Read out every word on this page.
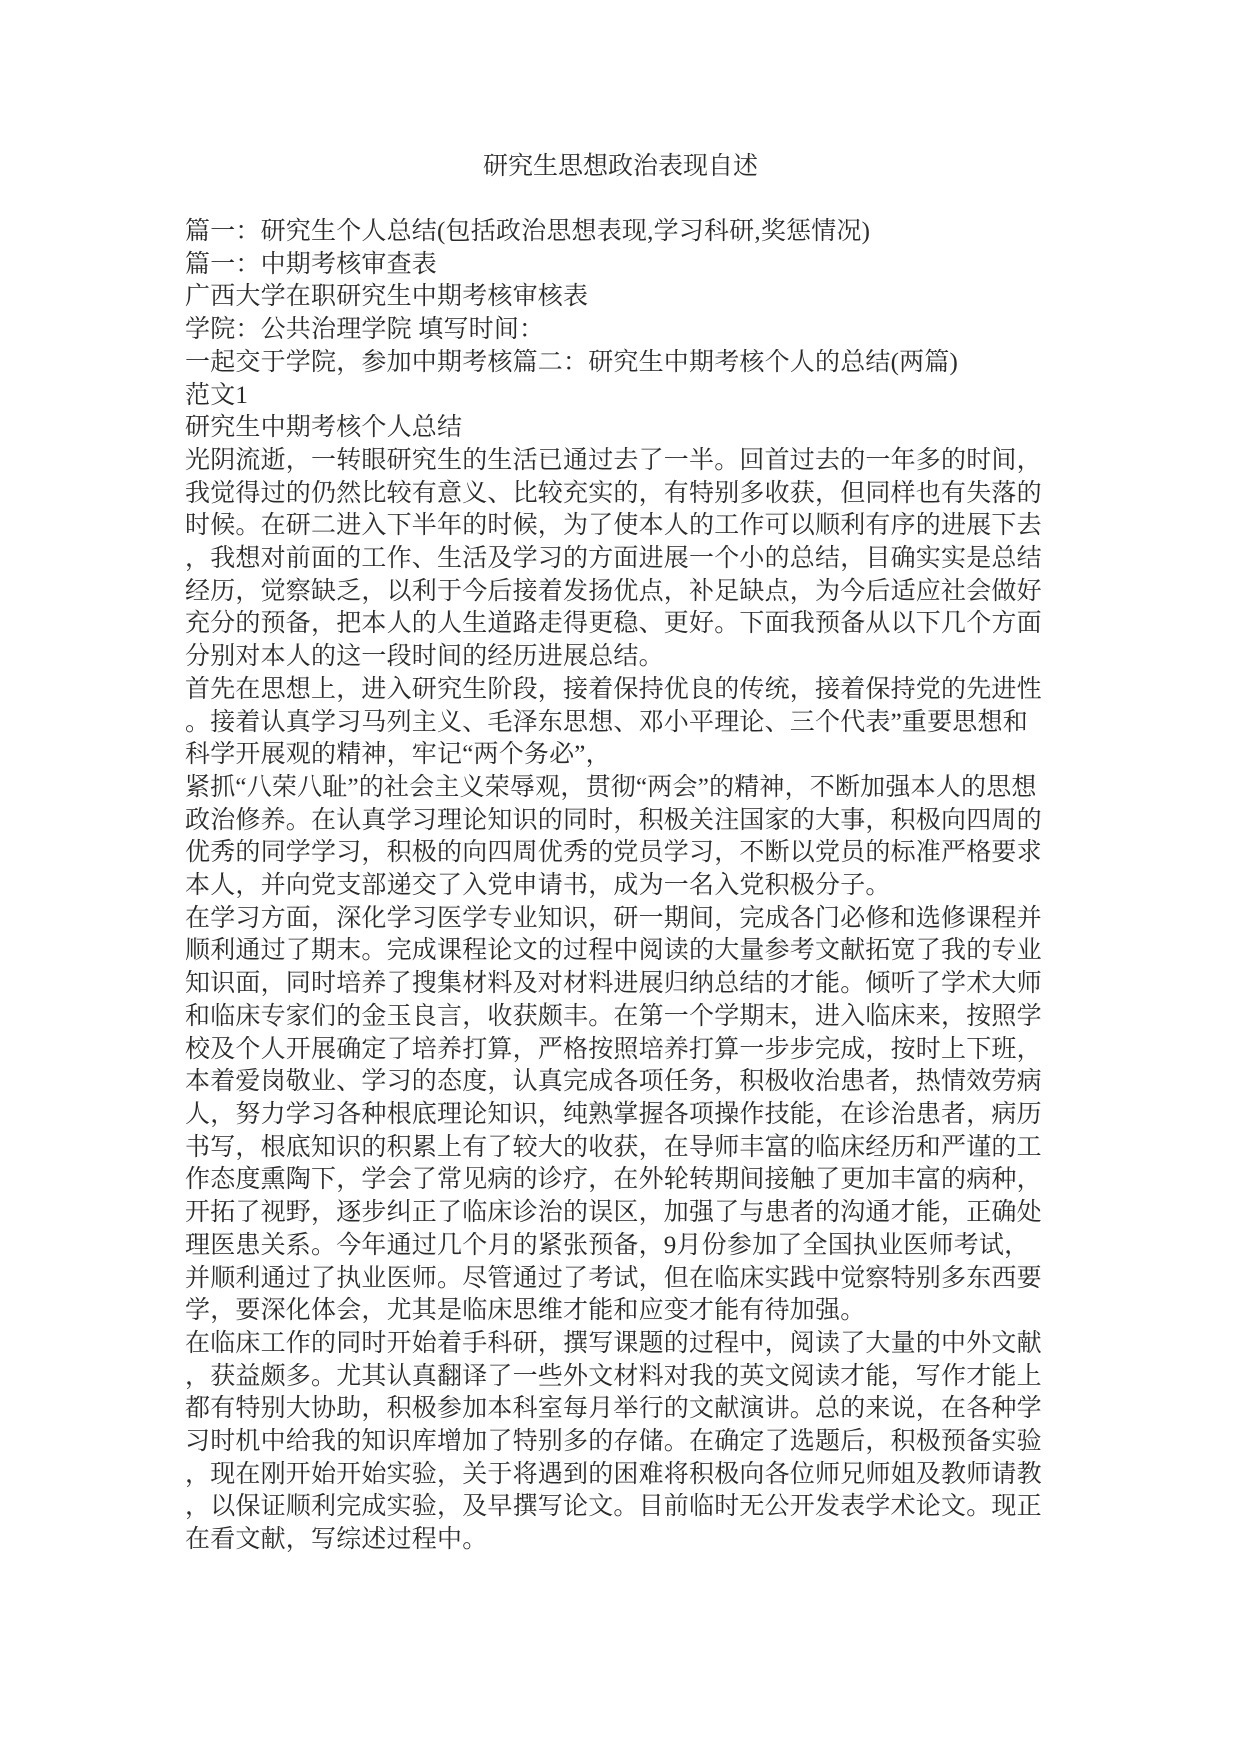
研究生思想政治表现自述
篇一：研究生个人总结(包括政治思想表现,学习科研,奖惩情况)
篇一：中期考核审查表
广西大学在职研究生中期考核审核表
学院：公共治理学院 填写时间：
一起交于学院，参加中期考核篇二：研究生中期考核个人的总结(两篇)
范文1
研究生中期考核个人总结
光阴流逝，一转眼研究生的生活已通过去了一半。回首过去的一年多的时间，
我觉得过的仍然比较有意义、比较充实的，有特别多收获，但同样也有失落的
时候。在研二进入下半年的时候，为了使本人的工作可以顺利有序的进展下去
，我想对前面的工作、生活及学习的方面进展一个小的总结，目确实实是总结
经历，觉察缺乏，以利于今后接着发扬优点，补足缺点，为今后适应社会做好
充分的预备，把本人的人生道路走得更稳、更好。下面我预备从以下几个方面
分别对本人的这一段时间的经历进展总结。
首先在思想上，进入研究生阶段，接着保持优良的传统，接着保持党的先进性
。接着认真学习马列主义、毛泽东思想、邓小平理论、三个代表”重要思想和
科学开展观的精神，牢记“两个务必”，
紧抓“八荣八耻”的社会主义荣辱观，贯彻“两会”的精神，不断加强本人的思想
政治修养。在认真学习理论知识的同时，积极关注国家的大事，积极向四周的
优秀的同学学习，积极的向四周优秀的党员学习，不断以党员的标准严格要求
本人，并向党支部递交了入党申请书，成为一名入党积极分子。
在学习方面，深化学习医学专业知识，研一期间，完成各门必修和选修课程并
顺利通过了期末。完成课程论文的过程中阅读的大量参考文献拓宽了我的专业
知识面，同时培养了搜集材料及对材料进展归纳总结的才能。倾听了学术大师
和临床专家们的金玉良言，收获颇丰。在第一个学期末，进入临床来，按照学
校及个人开展确定了培养打算，严格按照培养打算一步步完成，按时上下班，
本着爱岗敬业、学习的态度，认真完成各项任务，积极收治患者，热情效劳病
人，努力学习各种根底理论知识，纯熟掌握各项操作技能，在诊治患者，病历
书写，根底知识的积累上有了较大的收获，在导师丰富的临床经历和严谨的工
作态度熏陶下，学会了常见病的诊疗，在外轮转期间接触了更加丰富的病种，
开拓了视野，逐步纠正了临床诊治的误区，加强了与患者的沟通才能，正确处
理医患关系。今年通过几个月的紧张预备，9月份参加了全国执业医师考试，
并顺利通过了执业医师。尽管通过了考试，但在临床实践中觉察特别多东西要
学，要深化体会，尤其是临床思维才能和应变才能有待加强。
在临床工作的同时开始着手科研，撰写课题的过程中，阅读了大量的中外文献
，获益颇多。尤其认真翻译了一些外文材料对我的英文阅读才能，写作才能上
都有特别大协助，积极参加本科室每月举行的文献演讲。总的来说，在各种学
习时机中给我的知识库增加了特别多的存储。在确定了选题后，积极预备实验
，现在刚开始开始实验，关于将遇到的困难将积极向各位师兄师姐及教师请教
，以保证顺利完成实验，及早撰写论文。目前临时无公开发表学术论文。现正
在看文献，写综述过程中。
